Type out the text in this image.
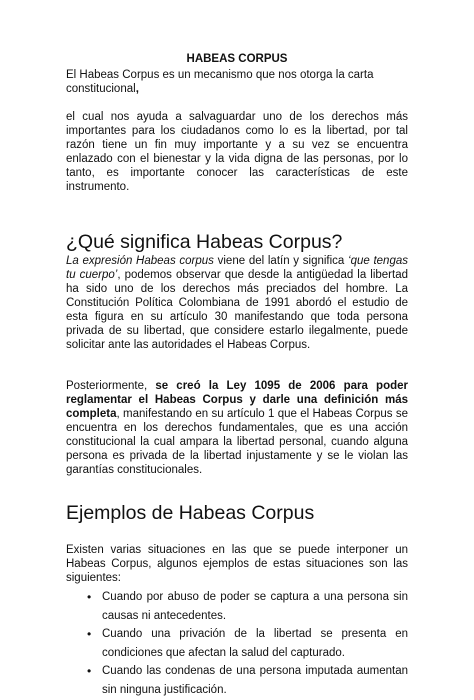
HABEAS CORPUS

El Habeas Corpus es un mecanismo que nos otorga la carta constitucional,

el cual nos ayuda a salvaguardar uno de los derechos más importantes para los ciudadanos como lo es la libertad, por tal razón tiene un fin muy importante y a su vez se encuentra enlazado con el bienestar y la vida digna de las personas, por lo tanto, es importante conocer las características de este instrumento.

¿Qué significa Habeas Corpus?

La expresión Habeas corpus viene del latín y significa ‘que tengas tu cuerpo’, podemos observar que desde la antigüedad la libertad ha sido uno de los derechos más preciados del hombre. La Constitución Política Colombiana de 1991 abordó el estudio de esta figura en su artículo 30 manifestando que toda persona privada de su libertad, que considere estarlo ilegalmente, puede solicitar ante las autoridades el Habeas Corpus.

Posteriormente, se creó la Ley 1095 de 2006 para poder reglamentar el Habeas Corpus y darle una definición más completa, manifestando en su artículo 1 que el Habeas Corpus se encuentra en los derechos fundamentales, que es una acción constitucional la cual ampara la libertad personal, cuando alguna persona es privada de la libertad injustamente y se le violan las garantías constitucionales.

Ejemplos de Habeas Corpus

Existen varias situaciones en las que se puede interponer un Habeas Corpus, algunos ejemplos de estas situaciones son las siguientes:

• Cuando por abuso de poder se captura a una persona sin causas ni antecedentes.
• Cuando una privación de la libertad se presenta en condiciones que afectan la salud del capturado.
• Cuando las condenas de una persona imputada aumentan sin ninguna justificación.
